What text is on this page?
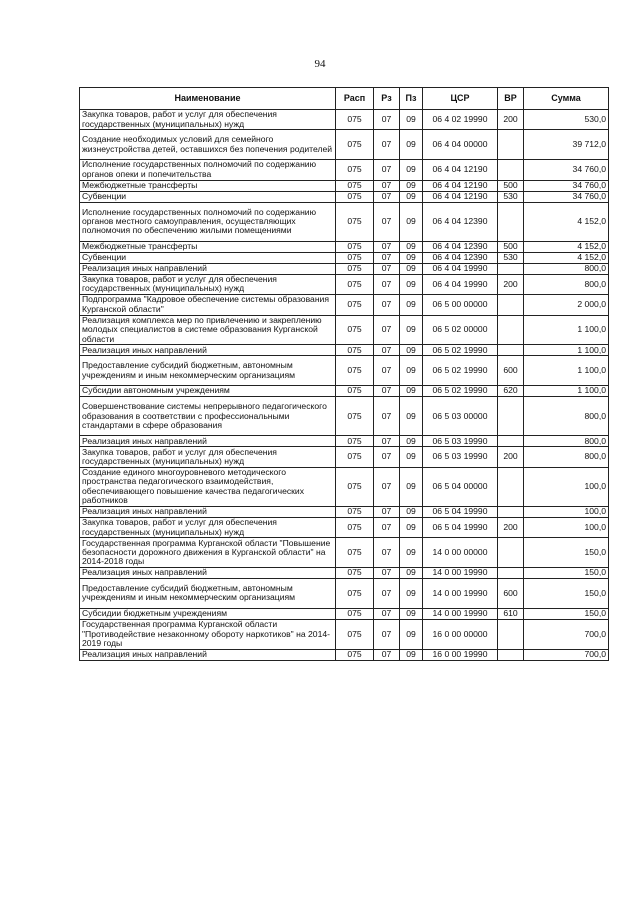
94
Наименование	Расп	Рз	Пз	ЦСР	ВР	Сумма
Закупка товаров, работ и услуг для обеспечения государственных (муниципальных) нужд	075	07	09	06 4 02 19990	200	530,0
Создание необходимых условий для семейного жизнеустройства детей, оставшихся без попечения родителей	075	07	09	06 4 04 00000		39 712,0
Исполнение государственных полномочий по содержанию органов опеки и попечительства	075	07	09	06 4 04 12190		34 760,0
Межбюджетные трансферты	075	07	09	06 4 04 12190	500	34 760,0
Субвенции	075	07	09	06 4 04 12190	530	34 760,0
Исполнение государственных полномочий по содержанию органов местного самоуправления, осуществляющих полномочия по обеспечению жилыми помещениями	075	07	09	06 4 04 12390		4 152,0
Межбюджетные трансферты	075	07	09	06 4 04 12390	500	4 152,0
Субвенции	075	07	09	06 4 04 12390	530	4 152,0
Реализация иных направлений	075	07	09	06 4 04 19990		800,0
Закупка товаров, работ и услуг для обеспечения государственных (муниципальных) нужд	075	07	09	06 4 04 19990	200	800,0
Подпрограмма "Кадровое обеспечение системы образования Курганской области"	075	07	09	06 5 00 00000		2 000,0
Реализация комплекса мер по привлечению и закреплению молодых специалистов в системе образования Курганской области	075	07	09	06 5 02 00000		1 100,0
Реализация иных направлений	075	07	09	06 5 02 19990		1 100,0
Предоставление субсидий бюджетным, автономным учреждениям и иным некоммерческим организациям	075	07	09	06 5 02 19990	600	1 100,0
Субсидии автономным учреждениям	075	07	09	06 5 02 19990	620	1 100,0
Совершенствование системы непрерывного педагогического образования в соответствии с профессиональными стандартами в сфере образования	075	07	09	06 5 03 00000		800,0
Реализация иных направлений	075	07	09	06 5 03 19990		800,0
Закупка товаров, работ и услуг для обеспечения государственных (муниципальных) нужд	075	07	09	06 5 03 19990	200	800,0
Создание единого многоуровневого методического пространства педагогического взаимодействия, обеспечивающего повышение качества педагогических работников	075	07	09	06 5 04 00000		100,0
Реализация иных направлений	075	07	09	06 5 04 19990		100,0
Закупка товаров, работ и услуг для обеспечения государственных (муниципальных) нужд	075	07	09	06 5 04 19990	200	100,0
Государственная программа Курганской области "Повышение безопасности дорожного движения в Курганской области" на 2014-2018 годы	075	07	09	14 0 00 00000		150,0
Реализация иных направлений	075	07	09	14 0 00 19990		150,0
Предоставление субсидий бюджетным, автономным учреждениям и иным некоммерческим организациям	075	07	09	14 0 00 19990	600	150,0
Субсидии бюджетным учреждениям	075	07	09	14 0 00 19990	610	150,0
Государственная программа Курганской области "Противодействие незаконному обороту наркотиков" на 2014-2019 годы	075	07	09	16 0 00 00000		700,0
Реализация иных направлений	075	07	09	16 0 00 19990		700,0
